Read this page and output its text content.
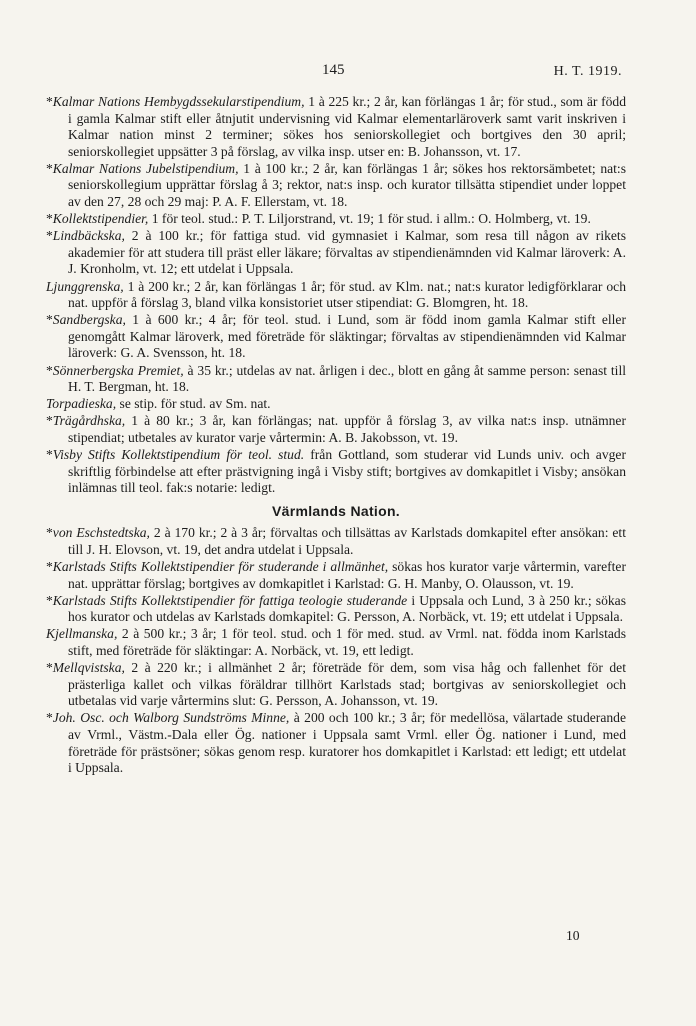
145	H. T. 1919.

*Kalmar Nations Hembygdssekularstipendium, 1 à 225 kr.; 2 år, kan förlängas 1 år; för stud., som är född i gamla Kalmar stift eller åtnjutit undervisning vid Kalmar elementarläroverk samt varit inskriven i Kalmar nation minst 2 terminer; sökes hos seniorskollegiet och bortgives den 30 april; seniorskollegiet uppsätter 3 på förslag, av vilka insp. utser en: B. Johansson, vt. 17.

*Kalmar Nations Jubelstipendium, 1 à 100 kr.; 2 år, kan förlängas 1 år; sökes hos rektorsämbetet; nat:s seniorskollegium upprättar förslag å 3; rektor, nat:s insp. och kurator tillsätta stipendiet under loppet av den 27, 28 och 29 maj: P. A. F. Ellerstam, vt. 18.

*Kollektstipendier, 1 för teol. stud.: P. T. Liljorstrand, vt. 19; 1 för stud. i allm.: O. Holmberg, vt. 19.

*Lindbäckska, 2 à 100 kr.; för fattiga stud. vid gymnasiet i Kalmar, som resa till någon av rikets akademier för att studera till präst eller läkare; förvaltas av stipendienämnden vid Kalmar läroverk: A. J. Kronholm, vt. 12; ett utdelat i Uppsala.

Ljunggrenska, 1 à 200 kr.; 2 år, kan förlängas 1 år; för stud. av Klm. nat.; nat:s kurator ledigförklarar och nat. uppför å förslag 3, bland vilka konsistoriet utser stipendiat: G. Blomgren, ht. 18.

*Sandbergska, 1 à 600 kr.; 4 år; för teol. stud. i Lund, som är född inom gamla Kalmar stift eller genomgått Kalmar läroverk, med företräde för släktingar; förvaltas av stipendienämnden vid Kalmar läroverk: G. A. Svensson, ht. 18.

*Sönnerbergska Premiet, à 35 kr.; utdelas av nat. årligen i dec., blott en gång åt samme person: senast till H. T. Bergman, ht. 18.

Torpadieska, se stip. för stud. av Sm. nat.

*Trägårdhska, 1 à 80 kr.; 3 år, kan förlängas; nat. uppför å förslag 3, av vilka nat:s insp. utnämner stipendiat; utbetales av kurator varje vårtermin: A. B. Jakobsson, vt. 19.

*Visby Stifts Kollektstipendium för teol. stud. från Gottland, som studerar vid Lunds univ. och avger skriftlig förbindelse att efter prästvigning ingå i Visby stift; bortgives av domkapitlet i Visby; ansökan inlämnas till teol. fak:s notarie: ledigt.

Värmlands Nation.

*von Eschstedtska, 2 à 170 kr.; 2 à 3 år; förvaltas och tillsättas av Karlstads domkapitel efter ansökan: ett till J. H. Elovson, vt. 19, det andra utdelat i Uppsala.

*Karlstads Stifts Kollektstipendier för studerande i allmänhet, sökas hos kurator varje vårtermin, varefter nat. upprättar förslag; bortgives av domkapitlet i Karlstad: G. H. Manby, O. Olausson, vt. 19.

*Karlstads Stifts Kollektstipendier för fattiga teologie studerande i Uppsala och Lund, 3 à 250 kr.; sökas hos kurator och utdelas av Karlstads domkapitel: G. Persson, A. Norbäck, vt. 19; ett utdelat i Uppsala.

Kjellmanska, 2 à 500 kr.; 3 år; 1 för teol. stud. och 1 för med. stud. av Vrml. nat. födda inom Karlstads stift, med företräde för släktingar: A. Norbäck, vt. 19, ett ledigt.

*Mellqvistska, 2 à 220 kr.; i allmänhet 2 år; företräde för dem, som visa håg och fallenhet för det prästerliga kallet och vilkas föräldrar tillhört Karlstads stad; bortgivas av seniorskollegiet och utbetalas vid varje vårtermins slut: G. Persson, A. Johansson, vt. 19.

*Joh. Osc. och Walborg Sundströms Minne, à 200 och 100 kr.; 3 år; för medellösa, välartade studerande av Vrml., Västm.-Dala eller Ög. nationer i Uppsala samt Vrml. eller Ög. nationer i Lund, med företräde för prästsöner; sökas genom resp. kuratorer hos domkapitlet i Karlstad: ett ledigt; ett utdelat i Uppsala.

10
